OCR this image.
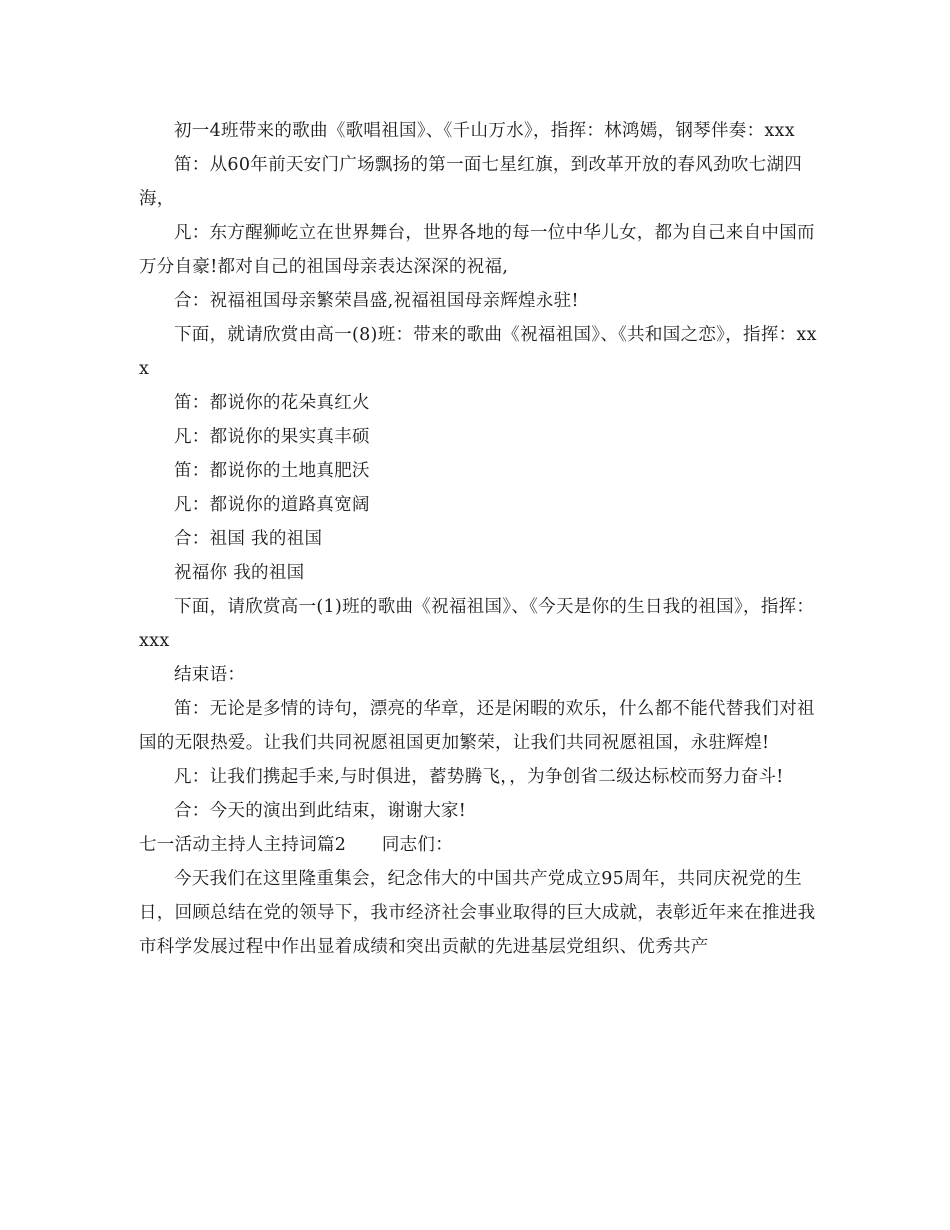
初一4班带来的歌曲《歌唱祖国》、《千山万水》，指挥：林鸿嫣，钢琴伴奏：xxx

笛：从60年前天安门广场飘扬的第一面七星红旗，到改革开放的春风劲吹七湖四海，

凡：东方醒狮屹立在世界舞台，世界各地的每一位中华儿女，都为自己来自中国而万分自豪!都对自己的祖国母亲表达深深的祝福,

合：祝福祖国母亲繁荣昌盛,祝福祖国母亲辉煌永驻!

下面，就请欣赏由高一(8)班：带来的歌曲《祝福祖国》、《共和国之恋》，指挥：xxx

笛：都说你的花朵真红火

凡：都说你的果实真丰硕

笛：都说你的土地真肥沃

凡：都说你的道路真宽阔

合：祖国 我的祖国

祝福你 我的祖国

下面，请欣赏高一(1)班的歌曲《祝福祖国》、《今天是你的生日我的祖国》，指挥：xxx

结束语：

笛：无论是多情的诗句，漂亮的华章，还是闲暇的欢乐，什么都不能代替我们对祖国的无限热爱。让我们共同祝愿祖国更加繁荣，让我们共同祝愿祖国，永驻辉煌!

凡：让我们携起手来,与时俱进，蓄势腾飞，，为争创省二级达标校而努力奋斗!

合：今天的演出到此结束，谢谢大家!

七一活动主持人主持词篇2　　同志们：

今天我们在这里隆重集会，纪念伟大的中国共产党成立95周年，共同庆祝党的生日，回顾总结在党的领导下，我市经济社会事业取得的巨大成就，表彰近年来在推进我市科学发展过程中作出显着成绩和突出贡献的先进基层党组织、优秀共产
